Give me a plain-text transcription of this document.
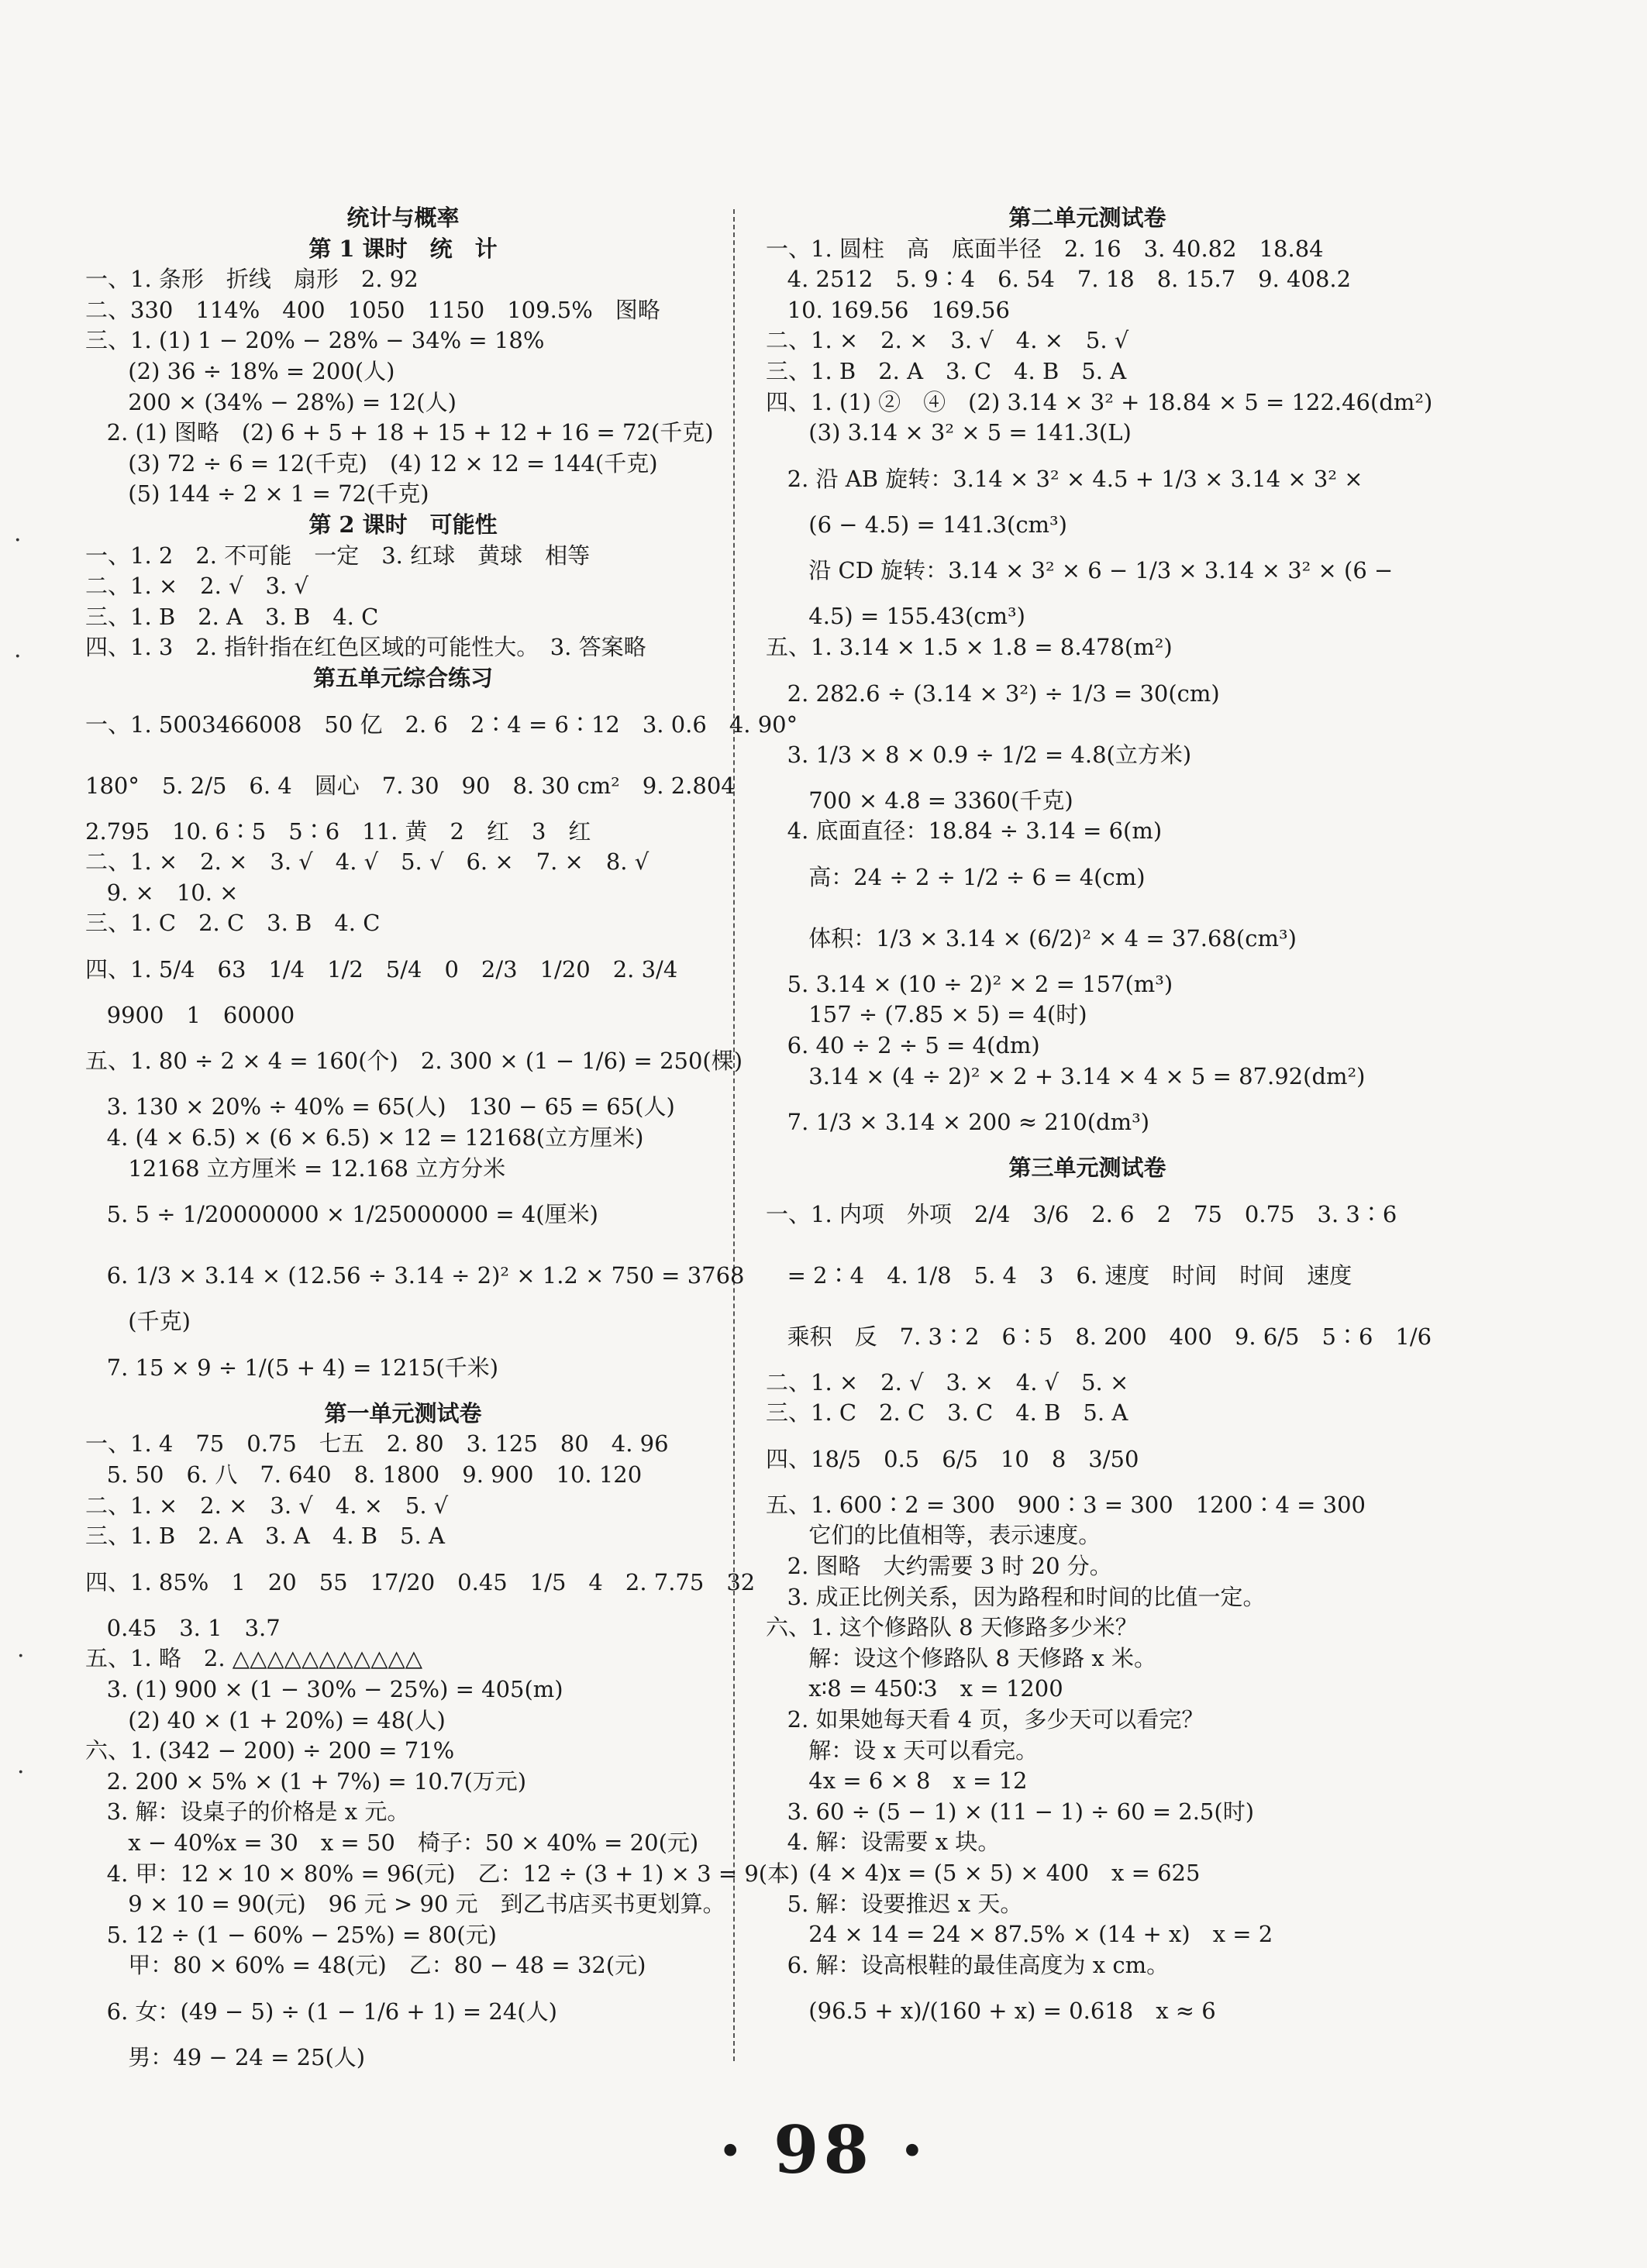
统计与概率
第 1 课时　统　计
一、1. 条形　折线　扇形　2. 92
二、330　114%　400　1050　1150　109.5%　图略
三、1. (1) 1 − 20% − 28% − 34% = 18%
(2) 36 ÷ 18% = 200(人)
200 × (34% − 28%) = 12(人)
2. (1) 图略　(2) 6 + 5 + 18 + 15 + 12 + 16 = 72(千克)
(3) 72 ÷ 6 = 12(千克)　(4) 12 × 12 = 144(千克)
(5) 144 ÷ 2 × 1 = 72(千克)
第 2 课时　可能性
一、1. 2　2. 不可能　一定　3. 红球　黄球　相等
二、1. ×　2. √　3. √
三、1. B　2. A　3. B　4. C
四、1. 3　2. 指针指在红色区域的可能性大。　3. 答案略
第五单元综合练习
一、1. 5003466008　50 亿　2. 6　2∶4 = 6∶12　3. 0.6　4. 90°
180°　5. 2/5　6. 4　圆心　7. 30　90　8. 30 cm²　9. 2.804
2.795　10. 6∶5　5∶6　11. 黄　2　红　3　红
二、1. ×　2. ×　3. √　4. √　5. √　6. ×　7. ×　8. √
9. ×　10. ×
三、1. C　2. C　3. B　4. C
四、1. 5/4　63　1/4　1/2　5/4　0　2/3　1/20　2. 3/4
9900　1　60000
五、1. 80 ÷ 2 × 4 = 160(个)　2. 300 × (1 − 1/6) = 250(棵)
3. 130 × 20% ÷ 40% = 65(人)　130 − 65 = 65(人)
4. (4 × 6.5) × (6 × 6.5) × 12 = 12168(立方厘米)
12168 立方厘米 = 12.168 立方分米
5. 5 ÷ 1/20000000 × 1/25000000 = 4(厘米)
6. 1/3 × 3.14 × (12.56 ÷ 3.14 ÷ 2)² × 1.2 × 750 = 3768
(千克)
7. 15 × 9 ÷ 1/(5 + 4) = 1215(千米)
第一单元测试卷
一、1. 4　75　0.75　七五　2. 80　3. 125　80　4. 96
5. 50　6. 八　7. 640　8. 1800　9. 900　10. 120
二、1. ×　2. ×　3. √　4. ×　5. √
三、1. B　2. A　3. A　4. B　5. A
四、1. 85%　1　20　55　17/20　0.45　1/5　4　2. 7.75　32
0.45　3. 1　3.7
五、1. 略　2. △△△△△△△△△△△
3. (1) 900 × (1 − 30% − 25%) = 405(m)
(2) 40 × (1 + 20%) = 48(人)
六、1. (342 − 200) ÷ 200 = 71%
2. 200 × 5% × (1 + 7%) = 10.7(万元)
3. 解：设桌子的价格是 x 元。
x − 40%x = 30　x = 50　椅子：50 × 40% = 20(元)
4. 甲：12 × 10 × 80% = 96(元)　乙：12 ÷ (3 + 1) × 3 = 9(本)
9 × 10 = 90(元)　96 元 > 90 元　到乙书店买书更划算。
5. 12 ÷ (1 − 60% − 25%) = 80(元)
甲：80 × 60% = 48(元)　乙：80 − 48 = 32(元)
6. 女：(49 − 5) ÷ (1 − 1/6 + 1) = 24(人)
男：49 − 24 = 25(人)
第二单元测试卷
一、1. 圆柱　高　底面半径　2. 16　3. 40.82　18.84
4. 2512　5. 9∶4　6. 54　7. 18　8. 15.7　9. 408.2
10. 169.56　169.56
二、1. ×　2. ×　3. √　4. ×　5. √
三、1. B　2. A　3. C　4. B　5. A
四、1. (1) ②　④　(2) 3.14 × 3² + 18.84 × 5 = 122.46(dm²)
(3) 3.14 × 3² × 5 = 141.3(L)
2. 沿 AB 旋转：3.14 × 3² × 4.5 + 1/3 × 3.14 × 3² ×
(6 − 4.5) = 141.3(cm³)
沿 CD 旋转：3.14 × 3² × 6 − 1/3 × 3.14 × 3² × (6 −
4.5) = 155.43(cm³)
五、1. 3.14 × 1.5 × 1.8 = 8.478(m²)
2. 282.6 ÷ (3.14 × 3²) ÷ 1/3 = 30(cm)
3. 1/3 × 8 × 0.9 ÷ 1/2 = 4.8(立方米)
700 × 4.8 = 3360(千克)
4. 底面直径：18.84 ÷ 3.14 = 6(m)
高：24 ÷ 2 ÷ 1/2 ÷ 6 = 4(cm)
体积：1/3 × 3.14 × (6/2)² × 4 = 37.68(cm³)
5. 3.14 × (10 ÷ 2)² × 2 = 157(m³)
157 ÷ (7.85 × 5) = 4(时)
6. 40 ÷ 2 ÷ 5 = 4(dm)
3.14 × (4 ÷ 2)² × 2 + 3.14 × 4 × 5 = 87.92(dm²)
7. 1/3 × 3.14 × 200 ≈ 210(dm³)
第三单元测试卷
一、1. 内项　外项　2/4　3/6　2. 6　2　75　0.75　3. 3∶6
= 2∶4　4. 1/8　5. 4　3　6. 速度　时间　时间　速度
乘积　反　7. 3∶2　6∶5　8. 200　400　9. 6/5　5∶6　1/6
二、1. ×　2. √　3. ×　4. √　5. ×
三、1. C　2. C　3. C　4. B　5. A
四、18/5　0.5　6/5　10　8　3/50
五、1. 600∶2 = 300　900∶3 = 300　1200∶4 = 300
它们的比值相等，表示速度。
2. 图略　大约需要 3 时 20 分。
3. 成正比例关系，因为路程和时间的比值一定。
六、1. 这个修路队 8 天修路多少米？
解：设这个修路队 8 天修路 x 米。
x∶8 = 450∶3　x = 1200
2. 如果她每天看 4 页，多少天可以看完？
解：设 x 天可以看完。
4x = 6 × 8　x = 12
3. 60 ÷ (5 − 1) × (11 − 1) ÷ 60 = 2.5(时)
4. 解：设需要 x 块。
(4 × 4)x = (5 × 5) × 400　x = 625
5. 解：设要推迟 x 天。
24 × 14 = 24 × 87.5% × (14 + x)　x = 2
6. 解：设高根鞋的最佳高度为 x cm。
(96.5 + x)/(160 + x) = 0.618　x ≈ 6
· 98 ·
·
·
·
·
